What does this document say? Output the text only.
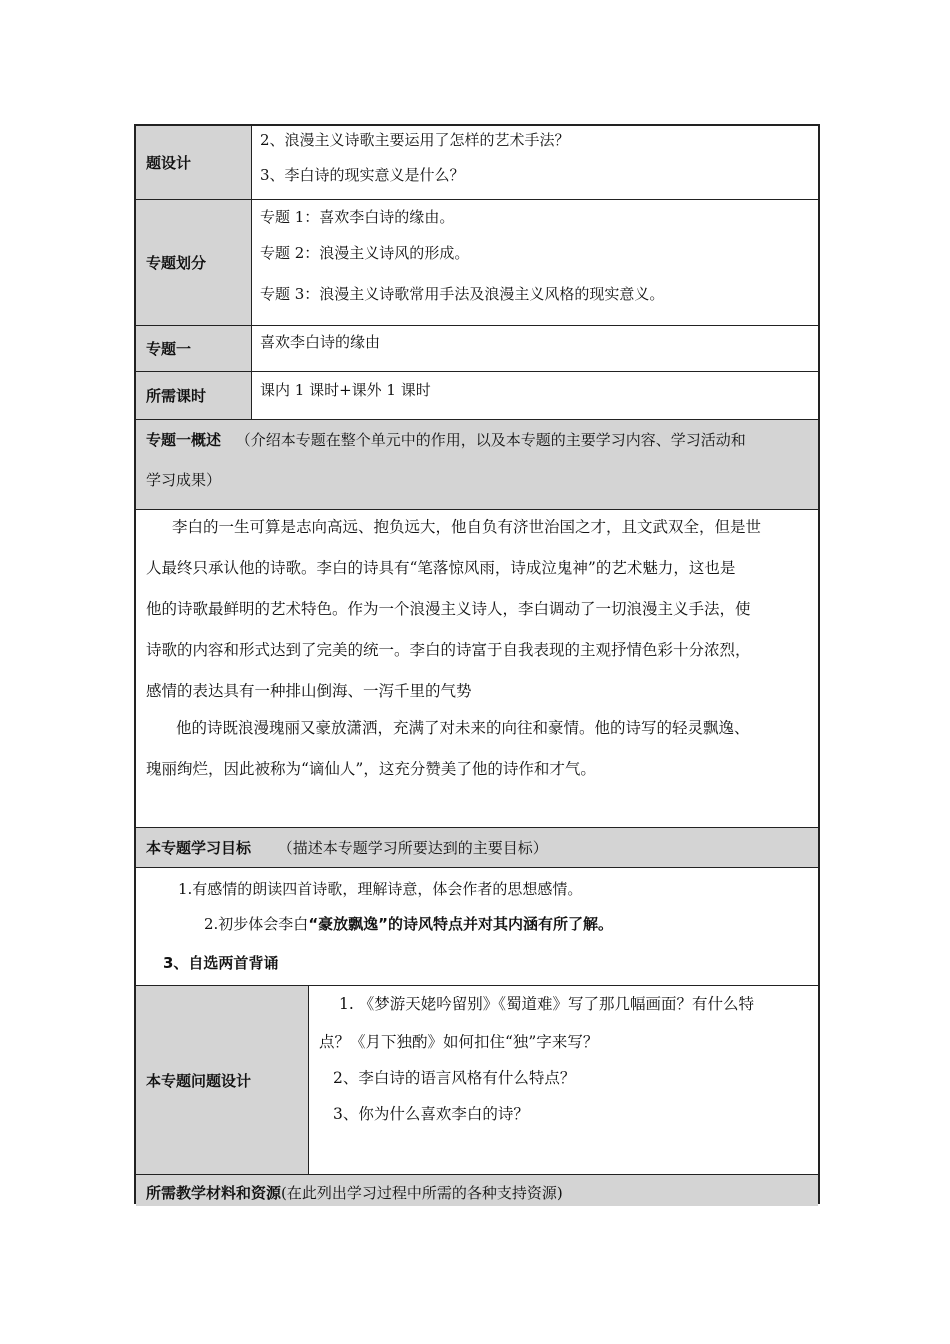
题设计
2、浪漫主义诗歌主要运用了怎样的艺术手法？
3、李白诗的现实意义是什么？
专题划分
专题 1：喜欢李白诗的缘由。
专题 2：浪漫主义诗风的形成。
专题 3：浪漫主义诗歌常用手法及浪漫主义风格的现实意义。
专题一	喜欢李白诗的缘由
所需课时	课内 1 课时+课外 1 课时
专题一概述 （介绍本专题在整个单元中的作用，以及本专题的主要学习内容、学习活动和
学习成果）
李白的一生可算是志向高远、抱负远大，他自负有济世治国之才，且文武双全，但是世
人最终只承认他的诗歌。李白的诗具有“笔落惊风雨，诗成泣鬼神”的艺术魅力，这也是
他的诗歌最鲜明的艺术特色。作为一个浪漫主义诗人，李白调动了一切浪漫主义手法，使
诗歌的内容和形式达到了完美的统一。李白的诗富于自我表现的主观抒情色彩十分浓烈，
感情的表达具有一种排山倒海、一泻千里的气势
他的诗既浪漫瑰丽又豪放潇洒，充满了对未来的向往和豪情。他的诗写的轻灵飘逸、
瑰丽绚烂，因此被称为“谪仙人”，这充分赞美了他的诗作和才气。
本专题学习目标 （描述本专题学习所要达到的主要目标）
1.有感情的朗读四首诗歌，理解诗意，体会作者的思想感情。
2.初步体会李白“豪放飘逸”的诗风特点并对其内涵有所了解。
3、自选两首背诵
本专题问题设计
1. 《梦游天姥吟留别》《蜀道难》写了那几幅画面？有什么特
点？《月下独酌》如何扣住“独”字来写？
2、李白诗的语言风格有什么特点？
3、你为什么喜欢李白的诗？
所需教学材料和资源(在此列出学习过程中所需的各种支持资源)
